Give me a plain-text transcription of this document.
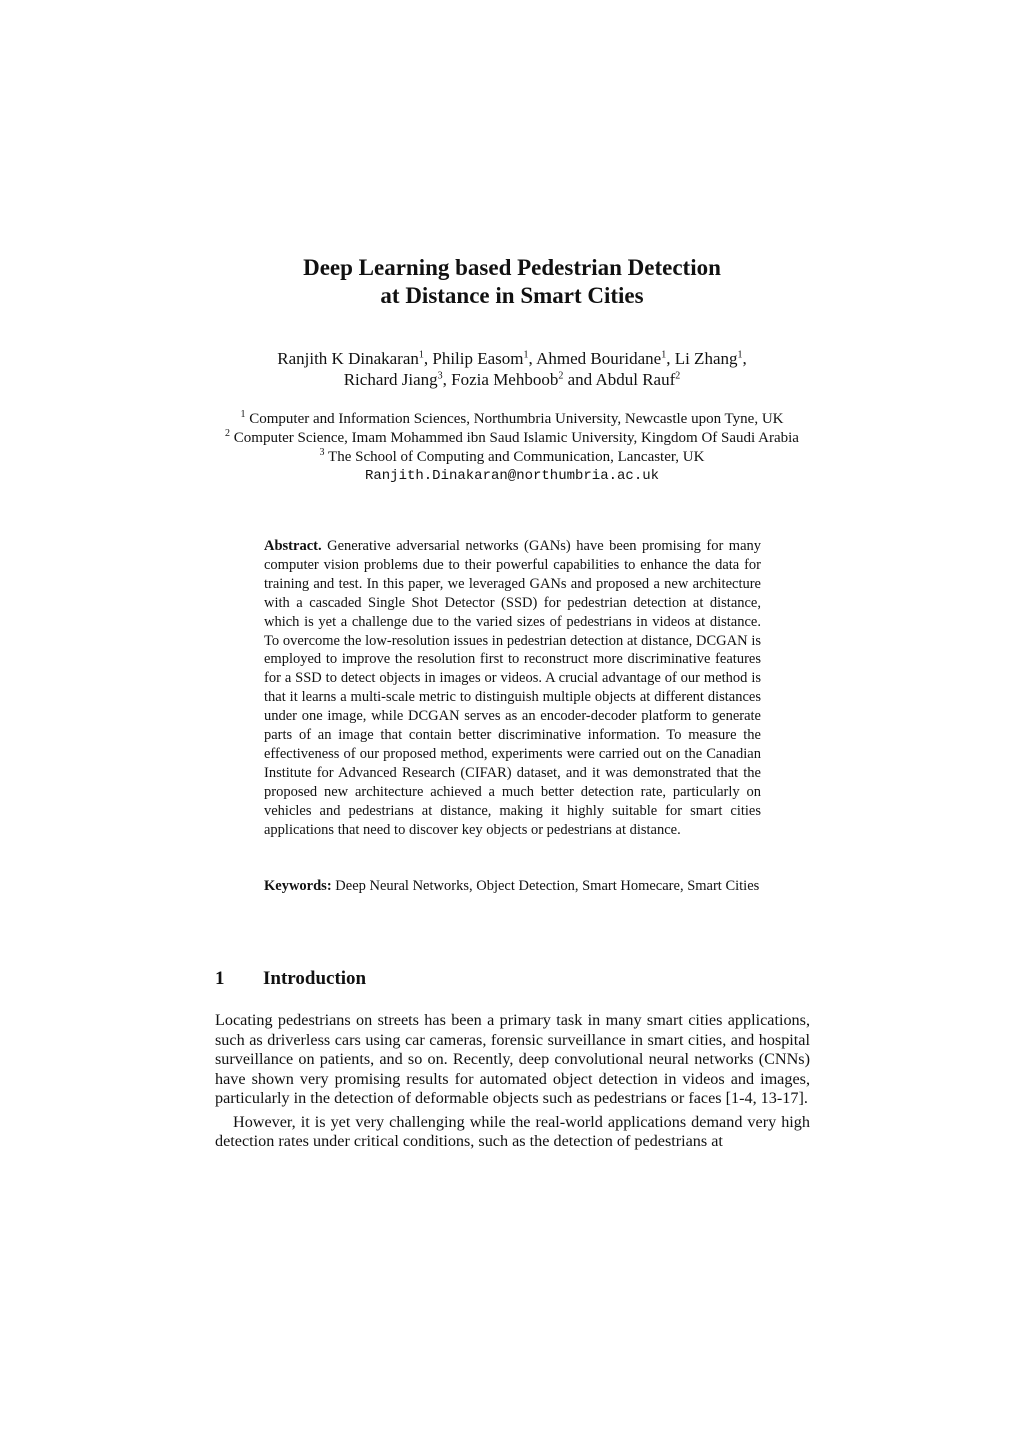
Deep Learning based Pedestrian Detection
at Distance in Smart Cities
Ranjith K Dinakaran$^1$, Philip Easom$^1$, Ahmed Bouridane$^1$, Li Zhang$^1$,
Richard Jiang$^3$, Fozia Mehboob$^2$ and Abdul Rauf$^2$
$^1$ Computer and Information Sciences, Northumbria University, Newcastle upon Tyne, UK
$^2$ Computer Science, Imam Mohammed ibn Saud Islamic University, Kingdom Of Saudi Arabia
$^3$ The School of Computing and Communication, Lancaster, UK
Ranjith.Dinakaran@northumbria.ac.uk
Abstract. Generative adversarial networks (GANs) have been promising for many computer vision problems due to their powerful capabilities to enhance the data for training and test. In this paper, we leveraged GANs and proposed a new architecture with a cascaded Single Shot Detector (SSD) for pedestrian detection at distance, which is yet a challenge due to the varied sizes of pedestrians in videos at distance. To overcome the low-resolution issues in pedestrian detection at distance, DCGAN is employed to improve the resolution first to reconstruct more discriminative features for a SSD to detect objects in images or videos. A crucial advantage of our method is that it learns a multi-scale metric to distinguish multiple objects at different distances under one image, while DCGAN serves as an encoder-decoder platform to generate parts of an image that contain better discriminative information. To measure the effectiveness of our proposed method, experiments were carried out on the Canadian Institute for Advanced Research (CIFAR) dataset, and it was demonstrated that the proposed new architecture achieved a much better detection rate, particularly on vehicles and pedestrians at distance, making it highly suitable for smart cities applications that need to discover key objects or pedestrians at distance.
Keywords: Deep Neural Networks, Object Detection, Smart Homecare, Smart Cities
1 Introduction

Locating pedestrians on streets has been a primary task in many smart cities applications, such as driverless cars using car cameras, forensic surveillance in smart cities, and hospital surveillance on patients, and so on. Recently, deep convolutional neural networks (CNNs) have shown very promising results for automated object detection in videos and images, particularly in the detection of deformable objects such as pedestrians or faces [1-4, 13-17].

However, it is yet very challenging while the real-world applications demand very high detection rates under critical conditions, such as the detection of pedestrians at
